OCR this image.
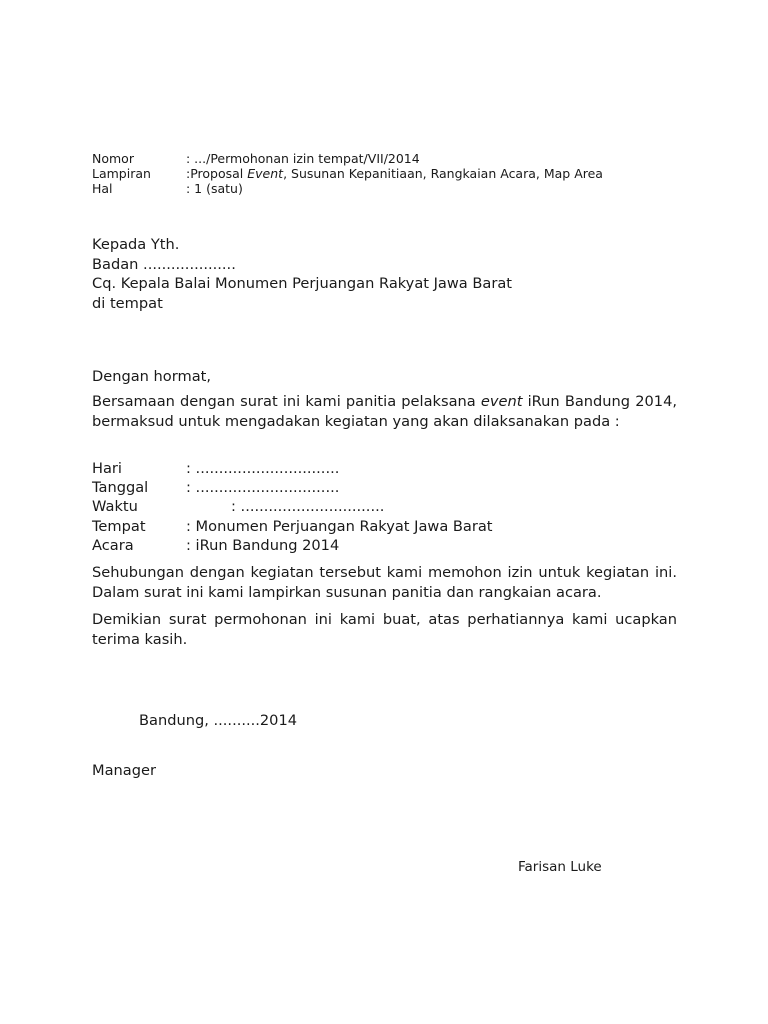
Nomor	: .../Permohonan izin tempat/VII/2014
Lampiran	:Proposal Event, Susunan Kepanitiaan, Rangkaian Acara, Map Area
Hal	: 1 (satu)
Kepada Yth.
Badan ....................
Cq. Kepala Balai Monumen Perjuangan Rakyat Jawa Barat
di tempat
Dengan hormat,
Bersamaan dengan surat ini kami panitia pelaksana event iRun Bandung 2014, bermaksud untuk mengadakan kegiatan yang akan dilaksanakan pada :
Hari	: ...............................
Tanggal	: ...............................
Waktu	: ...............................
Tempat	: Monumen Perjuangan Rakyat Jawa Barat
Acara	: iRun Bandung 2014
Sehubungan dengan kegiatan tersebut kami memohon izin untuk kegiatan ini. Dalam surat ini kami lampirkan susunan panitia dan rangkaian acara.
Demikian surat permohonan ini kami buat, atas perhatiannya kami ucapkan terima kasih.
Bandung, ..........2014
Manager
Farisan Luke
